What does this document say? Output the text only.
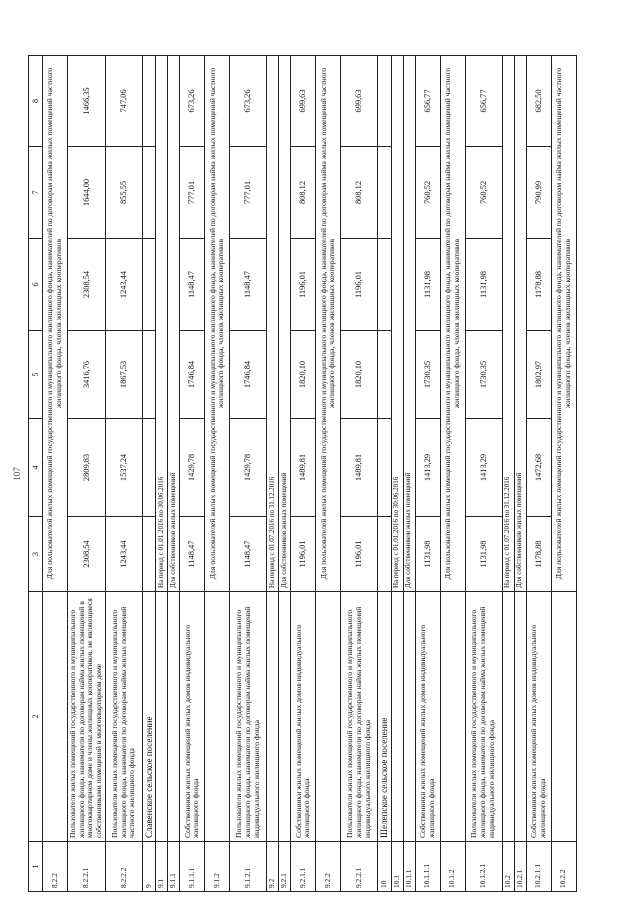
107
1	2	3	4	5	6	7	8
8.2.2		Для пользователей жилых помещений государственного и муниципального жилищного фонда, нанимателей по договорам найма жилых помещений частного жилищного фонда, членов жилищных кооперативов					
8.2.2.1	Пользователи жилых помещений государственного и муниципального жилищного фонда, наниматели по договорам найма жилых помещений в многоквартирном доме и члены жилищных кооперативов, не являющиеся собственниками помещений в многоквартирном доме	2308,54	2809,83	3416,76	2308,54	1644,00	1466,35
8.2.2.2	Пользователи жилых помещений государственного и муниципального жилищного фонда, наниматели по договорам найма жилых помещений частного жилищного фонда	1243,44	1537,24	1867,53	1243,44	855,55	747,06
9	Славенское сельское поселение						
9.1		На период с 01.01.2016 по 30.06.2016					
9.1.1		Для собственников жилых помещений					
9.1.1.1	Собственники жилых помещений жилых домов индивидуального жилищного фонда	1148,47	1429,78	1746,84	1148,47	777,01	673,26
9.1.2		Для пользователей жилых помещений государственного и муниципального жилищного фонда, нанимателей по договорам найма жилых помещений частного жилищного фонда, членов жилищных кооперативов					
9.1.2.1	Пользователи жилых помещений государственного и муниципального жилищного фонда, наниматели по договорам найма жилых помещений индивидуального жилищного фонда	1148,47	1429,78	1746,84	1148,47	777,01	673,26
9.2		На период с 01.07.2016 по 31.12.2016					
9.2.1		Для собственников жилых помещений					
9.2.1.1	Собственники жилых помещений жилых домов индивидуального жилищного фонда	1196,01	1489,81	1820,10	1196,01	808,12	699,63
9.2.2		Для пользователей жилых помещений государственного и муниципального жилищного фонда, нанимателей по договорам найма жилых помещений частного жилищного фонда, членов жилищных кооперативов					
9.2.2.1	Пользователи жилых помещений государственного и муниципального жилищного фонда, наниматели по договорам найма жилых помещений индивидуального жилищного фонда	1196,01	1489,81	1820,10	1196,01	808,12	699,63
10	Шелепское сельское поселение						
10.1		На период с 01.01.2016 по 30.06.2016					
10.1.1		Для собственников жилых помещений					
10.1.1.1	Собственники жилых помещений жилых домов индивидуального жилищного фонда	1131,98	1413,29	1730,35	1131,98	760,52	656,77
10.1.2		Для пользователей жилых помещений государственного и муниципального жилищного фонда, нанимателей по договорам найма жилых помещений частного жилищного фонда, членов жилищных кооперативов					
10.1.2.1	Пользователи жилых помещений государственного и муниципального жилищного фонда, наниматели по договорам найма жилых помещений индивидуального жилищного фонда	1131,98	1413,29	1730,35	1131,98	760,52	656,77
10.2		На период с 01.07.2016 по 31.12.2016					
10.2.1		Для собственников жилых помещений					
10.2.1.1	Собственники жилых помещений жилых домов индивидуального жилищного фонда	1178,88	1472,68	1802,97	1178,88	790,99	682,50
10.2.2		Для пользователей жилых помещений государственного и муниципального жилищного фонда, нанимателей по договорам найма жилых помещений частного жилищного фонда, членов жилищных кооперативов					
